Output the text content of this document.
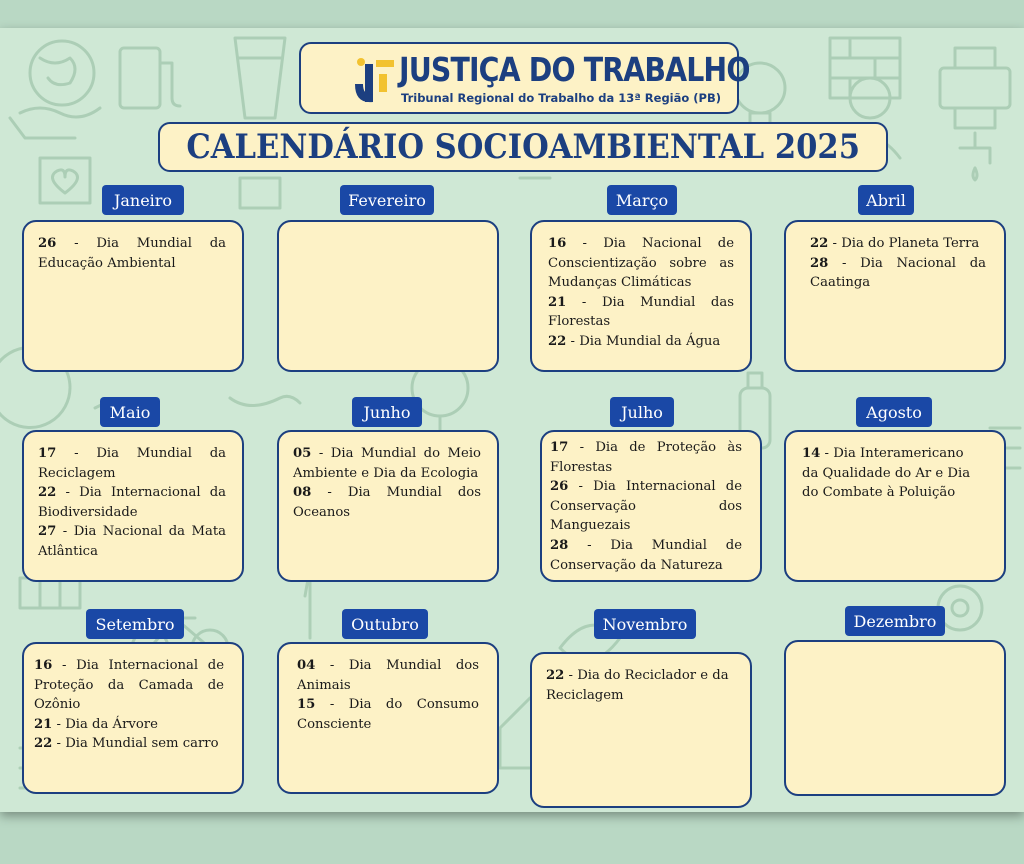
JUSTIÇA DO TRABALHO
Tribunal Regional do Trabalho da 13ª Região (PB)
CALENDÁRIO SOCIOAMBIENTAL 2025
Janeiro

26 - Dia Mundial da Educação Ambiental

Fevereiro	Março

16 - Dia Nacional de Conscientização sobre as Mudanças Climáticas

21 - Dia Mundial das Florestas

22 - Dia Mundial da Água

Abril

22 - Dia do Planeta Terra

28 - Dia Nacional da Caatinga

Maio

17 - Dia Mundial da Reciclagem

22 - Dia Internacional da Biodiversidade

27 - Dia Nacional da Mata Atlântica

Junho

05 - Dia Mundial do Meio Ambiente e Dia da Ecologia

08 - Dia Mundial dos Oceanos

Julho

17 - Dia de Proteção às Florestas

26 - Dia Internacional de Conservação dos Manguezais

28 - Dia Mundial de Conservação da Natureza

Agosto

14 - Dia Interamericano da Qualidade do Ar e Dia do Combate à Poluição

Setembro

16 - Dia Internacional de Proteção da Camada de Ozônio

21 - Dia da Árvore

22 - Dia Mundial sem carro

Outubro

04 - Dia Mundial dos Animais

15 - Dia do Consumo Consciente

Novembro

22 - Dia do Reciclador e da Reciclagem

Dezembro
